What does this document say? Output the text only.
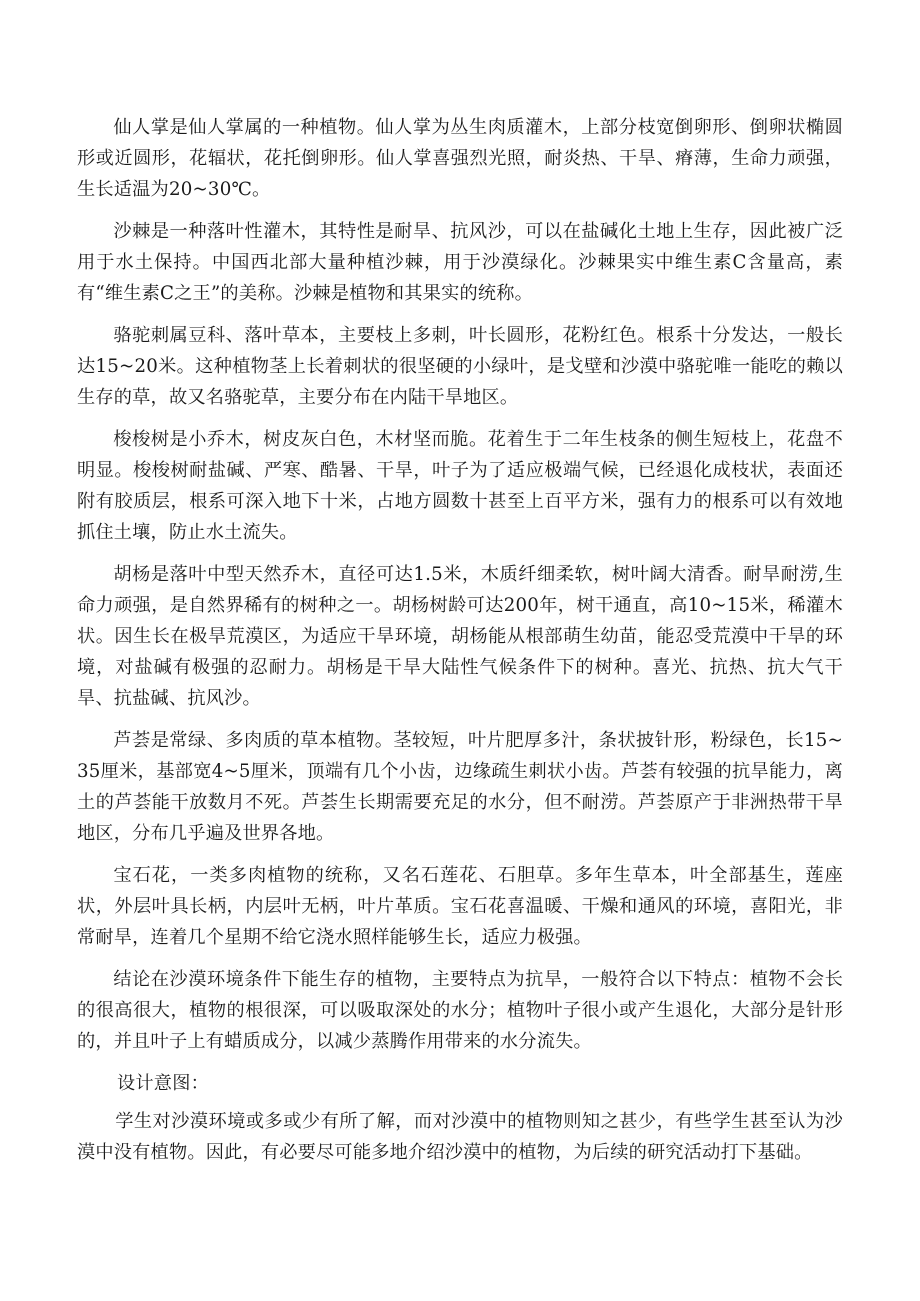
仙人掌是仙人掌属的一种植物。仙人掌为丛生肉质灌木，上部分枝宽倒卵形、倒卵状椭圆形或近圆形，花辐状，花托倒卵形。仙人掌喜强烈光照，耐炎热、干旱、瘠薄，生命力顽强，生长适温为20~30℃。

沙棘是一种落叶性灌木，其特性是耐旱、抗风沙，可以在盐碱化土地上生存，因此被广泛用于水土保持。中国西北部大量种植沙棘，用于沙漠绿化。沙棘果实中维生素C含量高，素有“维生素C之王”的美称。沙棘是植物和其果实的统称。

骆驼刺属豆科、落叶草本，主要枝上多刺，叶长圆形，花粉红色。根系十分发达，一般长达15~20米。这种植物茎上长着刺状的很坚硬的小绿叶，是戈壁和沙漠中骆驼唯一能吃的赖以生存的草，故又名骆驼草，主要分布在内陆干旱地区。

梭梭树是小乔木，树皮灰白色，木材坚而脆。花着生于二年生枝条的侧生短枝上，花盘不明显。梭梭树耐盐碱、严寒、酷暑、干旱，叶子为了适应极端气候，已经退化成枝状，表面还附有胶质层，根系可深入地下十米，占地方圆数十甚至上百平方米，强有力的根系可以有效地抓住土壤，防止水土流失。

胡杨是落叶中型天然乔木，直径可达1.5米，木质纤细柔软，树叶阔大清香。耐旱耐涝,生命力顽强，是自然界稀有的树种之一。胡杨树龄可达200年，树干通直，高10~15米，稀灌木状。因生长在极旱荒漠区，为适应干旱环境，胡杨能从根部萌生幼苗，能忍受荒漠中干旱的环境，对盐碱有极强的忍耐力。胡杨是干旱大陆性气候条件下的树种。喜光、抗热、抗大气干旱、抗盐碱、抗风沙。

芦荟是常绿、多肉质的草本植物。茎较短，叶片肥厚多汁，条状披针形，粉绿色，长15~35厘米，基部宽4~5厘米，顶端有几个小齿，边缘疏生刺状小齿。芦荟有较强的抗旱能力，离土的芦荟能干放数月不死。芦荟生长期需要充足的水分，但不耐涝。芦荟原产于非洲热带干旱地区，分布几乎遍及世界各地。

宝石花，一类多肉植物的统称，又名石莲花、石胆草。多年生草本，叶全部基生，莲座状，外层叶具长柄，内层叶无柄，叶片革质。宝石花喜温暖、干燥和通风的环境，喜阳光，非常耐旱，连着几个星期不给它浇水照样能够生长，适应力极强。

结论在沙漠环境条件下能生存的植物，主要特点为抗旱，一般符合以下特点：植物不会长的很高很大，植物的根很深，可以吸取深处的水分；植物叶子很小或产生退化，大部分是针形的，并且叶子上有蜡质成分，以减少蒸腾作用带来的水分流失。

设计意图：

学生对沙漠环境或多或少有所了解，而对沙漠中的植物则知之甚少，有些学生甚至认为沙漠中没有植物。因此，有必要尽可能多地介绍沙漠中的植物，为后续的研究活动打下基础。
